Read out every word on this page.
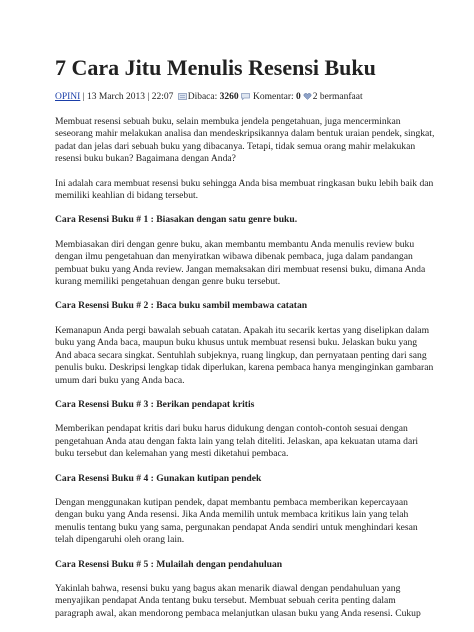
7 Cara Jitu Menulis Resensi Buku
OPINI | 13 March 2013 | 22:07 Dibaca: 3260 Komentar: 0 2 bermanfaat

Membuat resensi sebuah buku, selain membuka jendela pengetahuan, juga mencerminkan seseorang mahir melakukan analisa dan mendeskripsikannya dalam bentuk uraian pendek, singkat, padat dan jelas dari sebuah buku yang dibacanya. Tetapi, tidak semua orang mahir melakukan resensi buku bukan? Bagaimana dengan Anda?

Ini adalah cara membuat resensi buku sehingga Anda bisa membuat ringkasan buku lebih baik dan memiliki keahlian di bidang tersebut.

Cara Resensi Buku # 1 : Biasakan dengan satu genre buku.

Membiasakan diri dengan genre buku, akan membantu membantu Anda menulis review buku dengan ilmu pengetahuan dan menyiratkan wibawa dibenak pembaca, juga dalam pandangan pembuat buku yang Anda review. Jangan memaksakan diri membuat resensi buku, dimana Anda kurang memiliki pengetahuan dengan genre buku tersebut.

Cara Resensi Buku # 2 : Baca buku sambil membawa catatan

Kemanapun Anda pergi bawalah sebuah catatan. Apakah itu secarik kertas yang diselipkan dalam buku yang Anda baca, maupun buku khusus untuk membuat resensi buku. Jelaskan buku yang And abaca secara singkat. Sentuhlah subjeknya, ruang lingkup, dan pernyataan penting dari sang penulis buku. Deskripsi lengkap tidak diperlukan, karena pembaca hanya menginginkan gambaran umum dari buku yang Anda baca.

Cara Resensi Buku # 3 : Berikan pendapat kritis

Memberikan pendapat kritis dari buku harus didukung dengan contoh-contoh sesuai dengan pengetahuan Anda atau dengan fakta lain yang telah diteliti. Jelaskan, apa kekuatan utama dari buku tersebut dan kelemahan yang mesti diketahui pembaca.

Cara Resensi Buku # 4 : Gunakan kutipan pendek

Dengan menggunakan kutipan pendek, dapat membantu pembaca memberikan kepercayaan dengan buku yang Anda resensi. Jika Anda memilih untuk membaca kritikus lain yang telah menulis tentang buku yang sama, pergunakan pendapat Anda sendiri untuk menghindari kesan telah dipengaruhi oleh orang lain.

Cara Resensi Buku # 5 : Mulailah dengan pendahuluan

Yakinlah bahwa, resensi buku yang bagus akan menarik diawal dengan pendahuluan yang menyajikan pendapat Anda tentang buku tersebut. Membuat sebuah cerita penting dalam paragraph awal, akan mendorong pembaca melanjutkan ulasan buku yang Anda resensi. Cukup
